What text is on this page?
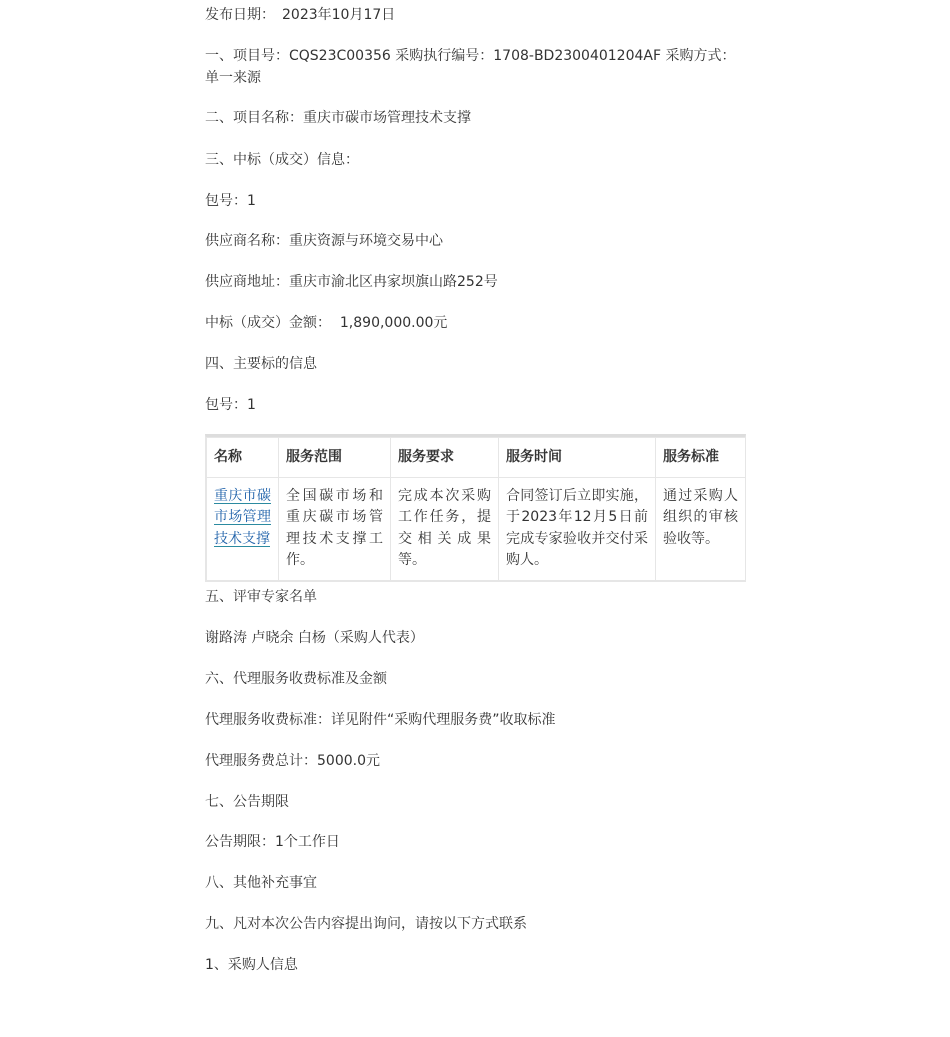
发布日期： 2023年10月17日

一、项目号：CQS23C00356 采购执行编号：1708-BD2300401204AF 采购方式：单一来源

二、项目名称：重庆市碳市场管理技术支撑

三、中标（成交）信息：

包号：1

供应商名称：重庆资源与环境交易中心

供应商地址：重庆市渝北区冉家坝旗山路252号

中标（成交）金额：  1,890,000.00元

四、主要标的信息

包号：1

名称	服务范围	服务要求	服务时间	服务标准
重庆市碳市场管理技术支撑	全国碳市场和重庆碳市场管理技术支撑工作。	完成本次采购工作任务，提交相关成果等。	合同签订后立即实施，于2023年12月5日前完成专家验收并交付采购人。	通过采购人组织的审核验收等。

五、评审专家名单

谢路涛 卢晓余 白杨（采购人代表）

六、代理服务收费标准及金额

代理服务收费标准：详见附件“采购代理服务费”收取标准

代理服务费总计：5000.0元

七、公告期限

公告期限：1个工作日

八、其他补充事宜

九、凡对本次公告内容提出询问，请按以下方式联系

1、采购人信息
